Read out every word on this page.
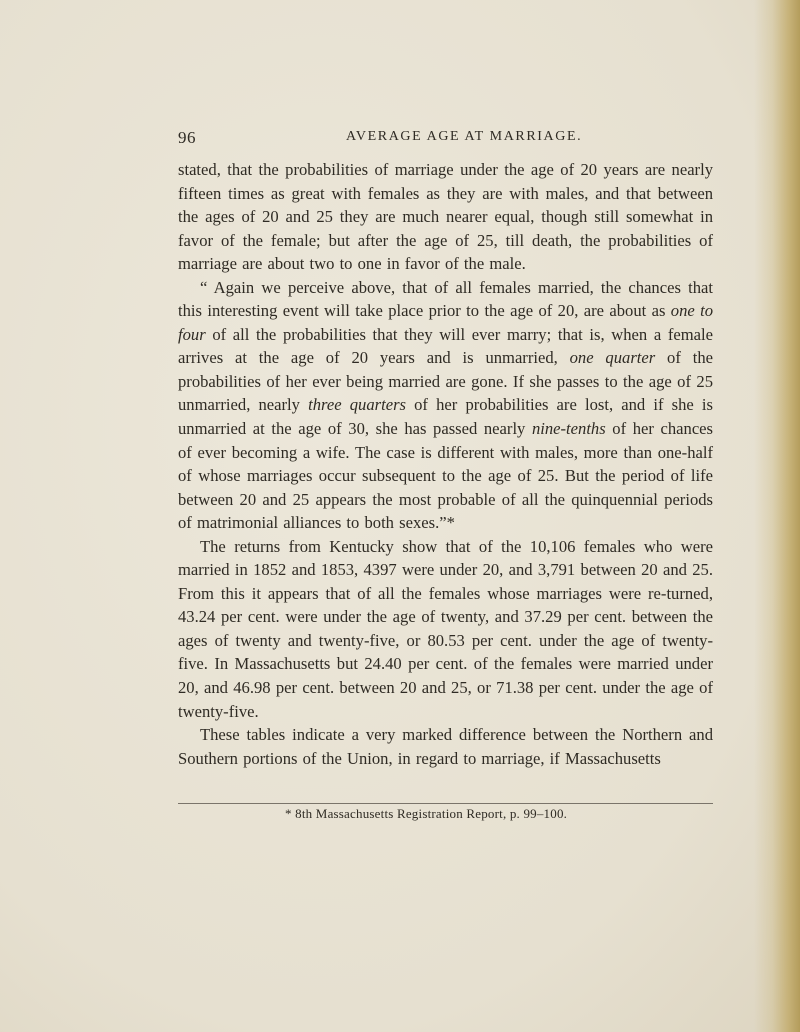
96	AVERAGE AGE AT MARRIAGE.

stated, that the probabilities of marriage under the age of 20 years are nearly fifteen times as great with females as they are with males, and that between the ages of 20 and 25 they are much nearer equal, though still somewhat in favor of the female; but after the age of 25, till death, the probabilities of marriage are about two to one in favor of the male.

“ Again we perceive above, that of all females married, the chances that this interesting event will take place prior to the age of 20, are about as one to four of all the probabilities that they will ever marry; that is, when a female arrives at the age of 20 years and is unmarried, one quarter of the probabilities of her ever being married are gone. If she passes to the age of 25 unmarried, nearly three quarters of her probabilities are lost, and if she is unmarried at the age of 30, she has passed nearly nine-tenths of her chances of ever becoming a wife. The case is different with males, more than one-half of whose marriages occur subsequent to the age of 25. But the period of life between 20 and 25 appears the most probable of all the quinquennial periods of matrimonial alliances to both sexes.”*

The returns from Kentucky show that of the 10,106 females who were married in 1852 and 1853, 4397 were under 20, and 3,791 between 20 and 25. From this it appears that of all the females whose marriages were re-turned, 43.24 per cent. were under the age of twenty, and 37.29 per cent. between the ages of twenty and twenty-five, or 80.53 per cent. under the age of twenty-five. In Massachusetts but 24.40 per cent. of the females were married under 20, and 46.98 per cent. between 20 and 25, or 71.38 per cent. under the age of twenty-five.

These tables indicate a very marked difference between the Northern and Southern portions of the Union, in regard to marriage, if Massachusetts

* 8th Massachusetts Registration Report, p. 99–100.
